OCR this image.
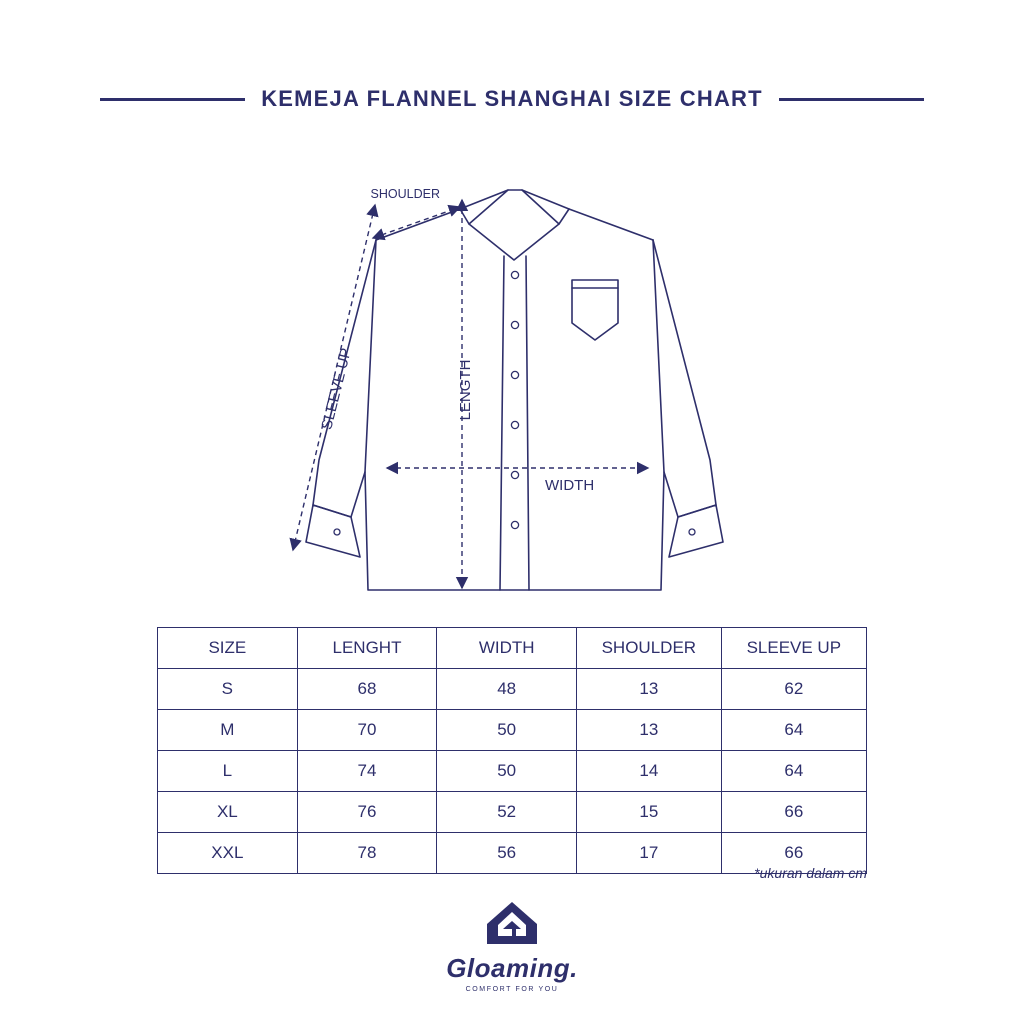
KEMEJA FLANNEL SHANGHAI SIZE CHART
SHOULDER
SLEEVE UP	LENGTH
WIDTH
SIZE	LENGHT	WIDTH	SHOULDER	SLEEVE UP
S	68	48	13	62
M	70	50	13	64
L	74	50	14	64
XL	76	52	15	66
XXL	78	56	17	66
*ukuran dalam cm
Gloaming.
COMFORT FOR YOU
